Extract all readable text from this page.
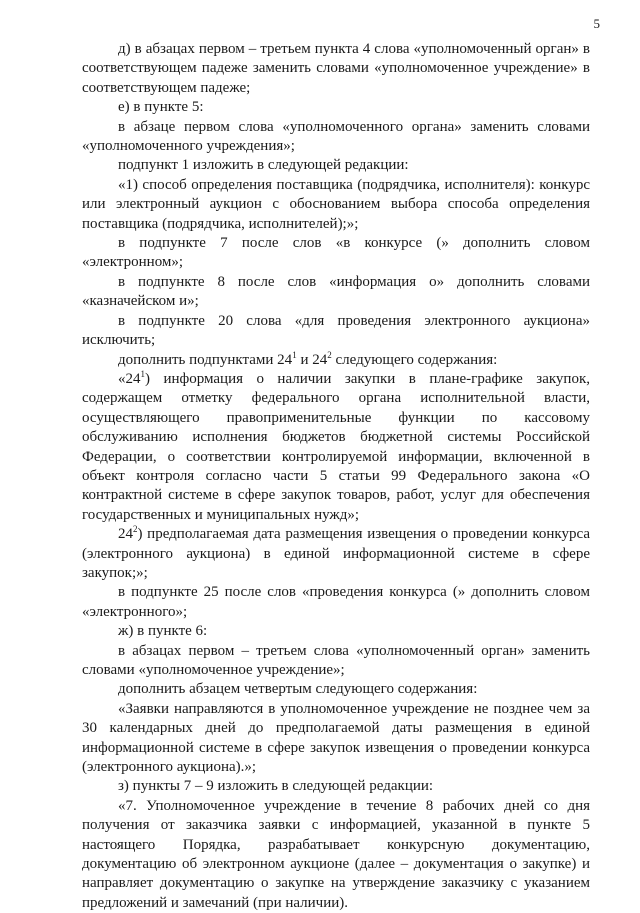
5

д) в абзацах первом – третьем пункта 4 слова «уполномоченный орган» в соответствующем падеже заменить словами «уполномоченное учреждение» в соответствующем падеже;

е) в пункте 5:

в абзаце первом слова «уполномоченного органа» заменить словами «уполномоченного учреждения»;

подпункт 1 изложить в следующей редакции:

«1) способ определения поставщика (подрядчика, исполнителя): конкурс или электронный аукцион с обоснованием выбора способа определения поставщика (подрядчика, исполнителей);»;

в подпункте 7 после слов «в конкурсе (» дополнить словом «электронном»;

в подпункте 8 после слов «информация о» дополнить словами «казначейском и»;

в подпункте 20 слова «для проведения электронного аукциона» исключить;

дополнить подпунктами $24^1$ и $24^2$ следующего содержания:

«$24^1$) информация о наличии закупки в плане-графике закупок, содержащем отметку федерального органа исполнительной власти, осуществляющего правоприменительные функции по кассовому обслуживанию исполнения бюджетов бюджетной системы Российской Федерации, о соответствии контролируемой информации, включенной в объект контроля согласно части 5 статьи 99 Федерального закона «О контрактной системе в сфере закупок товаров, работ, услуг для обеспечения государственных и муниципальных нужд»;

$24^2$) предполагаемая дата размещения извещения о проведении конкурса (электронного аукциона) в единой информационной системе в сфере закупок;»;

в подпункте 25 после слов «проведения конкурса (» дополнить словом «электронного»;

ж) в пункте 6:

в абзацах первом – третьем слова «уполномоченный орган» заменить словами «уполномоченное учреждение»;

дополнить абзацем четвертым следующего содержания:

«Заявки направляются в уполномоченное учреждение не позднее чем за 30 календарных дней до предполагаемой даты размещения в единой информационной системе в сфере закупок извещения о проведении конкурса (электронного аукциона).»;

з) пункты 7 – 9 изложить в следующей редакции:

«7. Уполномоченное учреждение в течение 8 рабочих дней со дня получения от заказчика заявки с информацией, указанной в пункте 5 настоящего Порядка, разрабатывает конкурсную документацию, документацию об электронном аукционе (далее – документация о закупке) и направляет документацию о закупке на утверждение заказчику с указанием предложений и замечаний (при наличии).
